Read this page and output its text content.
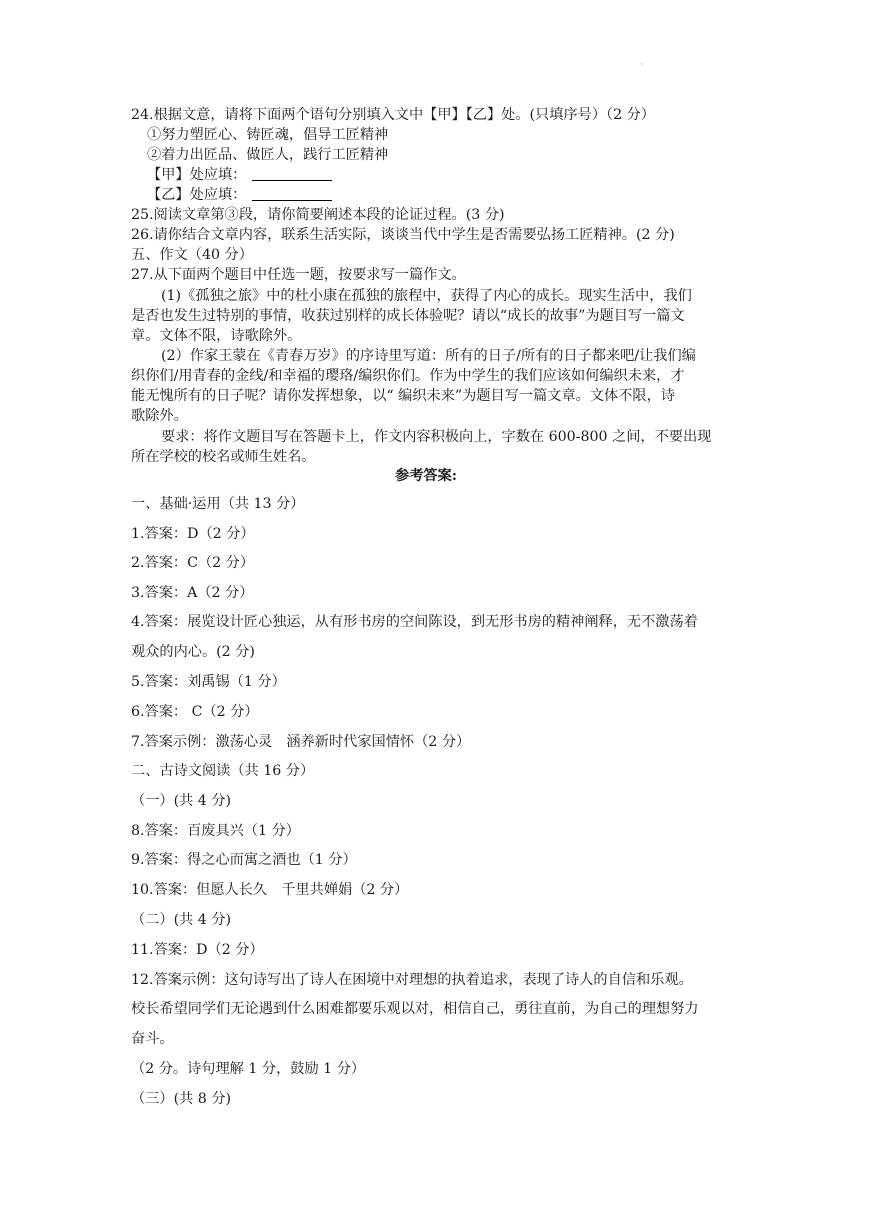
'
24.根据文意，请将下面两个语句分别填入文中【甲】【乙】处。(只填序号）（2 分）
①努力塑匠心、铸匠魂，倡导工匠精神
②着力出匠品、做匠人，践行工匠精神
【甲】处应填：
【乙】处应填：
25.阅读文章第③段，请你简要阐述本段的论证过程。(3 分)
26.请你结合文章内容，联系生活实际，谈谈当代中学生是否需要弘扬工匠精神。(2 分)
五、作文（40 分）
27.从下面两个题目中任选一题，按要求写一篇作文。
(1)《孤独之旅》中的杜小康在孤独的旅程中，获得了内心的成长。现实生活中，我们
是否也发生过特别的事情，收获过别样的成长体验呢？请以“成长的故事”为题目写一篇文
章。文体不限，诗歌除外。
(2）作家王蒙在《青春万岁》的序诗里写道：所有的日子/所有的日子都来吧/让我们编
织你们/用青春的金线/和幸福的璎珞/编织你们。作为中学生的我们应该如何编织未来，才
能无愧所有的日子呢？请你发挥想象，以“ 编织未来”为题目写一篇文章。文体不限，诗
歌除外。
要求：将作文题目写在答题卡上，作文内容积极向上，字数在 600-800 之间，不要出现
所在学校的校名或师生姓名。
参考答案:
一、基础·运用（共 13 分）
1.答案：D（2 分）
2.答案：C（2 分）
3.答案：A（2 分）
4.答案：展览设计匠心独运，从有形书房的空间陈设，到无形书房的精神阐释，无不激荡着
观众的内心。(2 分)
5.答案：刘禹锡（1 分）
6.答案： C（2 分）
7.答案示例：激荡心灵　涵养新时代家国情怀（2 分）
二、古诗文阅读（共 16 分）
（一）(共 4 分)
8.答案：百废具兴（1 分）
9.答案：得之心而寓之酒也（1 分）
10.答案：但愿人长久　千里共婵娟（2 分）
（二）(共 4 分)
11.答案：D（2 分）
12.答案示例：这句诗写出了诗人在困境中对理想的执着追求，表现了诗人的自信和乐观。
校长希望同学们无论遇到什么困难都要乐观以对，相信自己，勇往直前，为自己的理想努力
奋斗。
（2 分。诗句理解 1 分，鼓励 1 分）
（三）(共 8 分)
